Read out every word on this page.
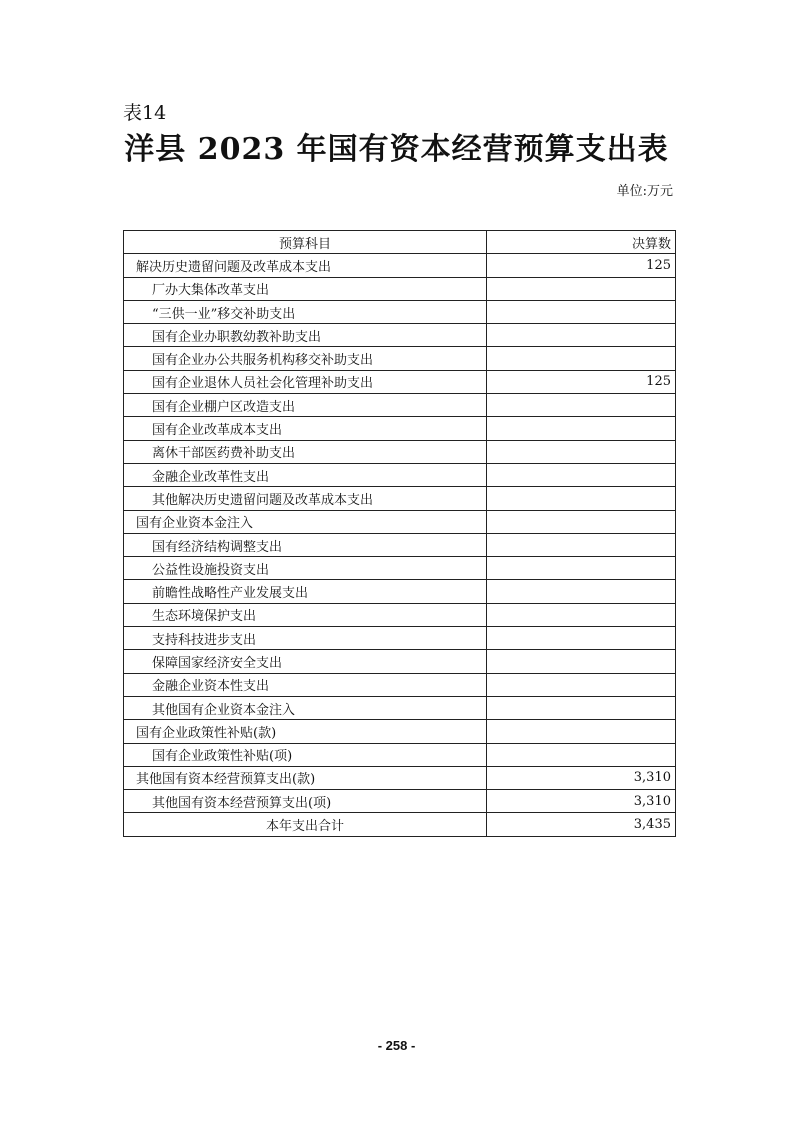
表14
洋县 2023 年国有资本经营预算支出表
单位:万元
预算科目	决算数
解决历史遗留问题及改革成本支出	125
厂办大集体改革支出	
“三供一业”移交补助支出	
国有企业办职教幼教补助支出	
国有企业办公共服务机构移交补助支出	
国有企业退休人员社会化管理补助支出	125
国有企业棚户区改造支出	
国有企业改革成本支出	
离休干部医药费补助支出	
金融企业改革性支出	
其他解决历史遗留问题及改革成本支出	
国有企业资本金注入	
国有经济结构调整支出	
公益性设施投资支出	
前瞻性战略性产业发展支出	
生态环境保护支出	
支持科技进步支出	
保障国家经济安全支出	
金融企业资本性支出	
其他国有企业资本金注入	
国有企业政策性补贴(款)	
国有企业政策性补贴(项)	
其他国有资本经营预算支出(款)	3,310
其他国有资本经营预算支出(项)	3,310
本年支出合计	3,435
- 258 -
